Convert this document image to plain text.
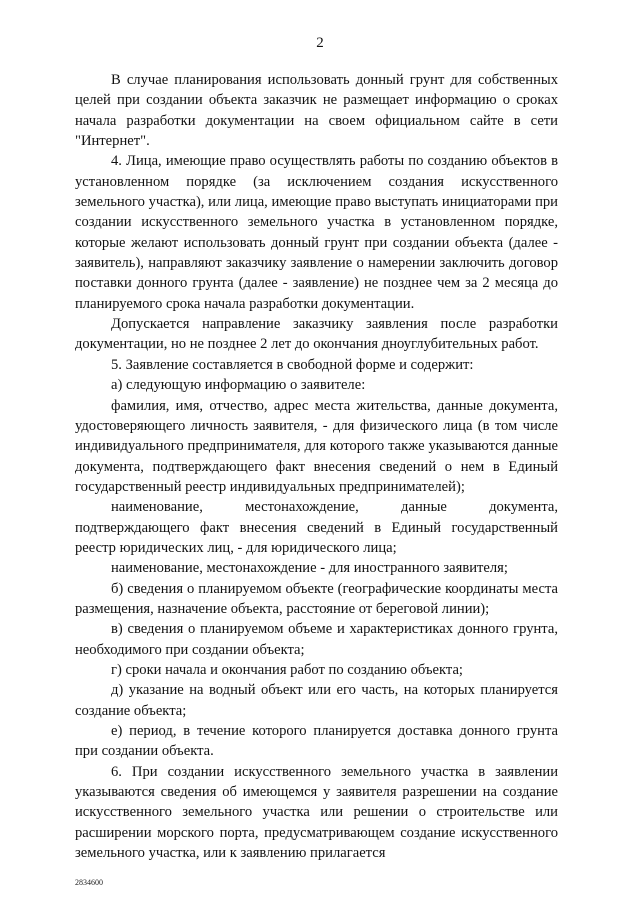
2

В случае планирования использовать донный грунт для собственных целей при создании объекта заказчик не размещает информацию о сроках начала разработки документации на своем официальном сайте в сети "Интернет".

4. Лица, имеющие право осуществлять работы по созданию объектов в установленном порядке (за исключением создания искусственного земельного участка), или лица, имеющие право выступать инициаторами при создании искусственного земельного участка в установленном порядке, которые желают использовать донный грунт при создании объекта (далее - заявитель), направляют заказчику заявление о намерении заключить договор поставки донного грунта (далее - заявление) не позднее чем за 2 месяца до планируемого срока начала разработки документации.

Допускается направление заказчику заявления после разработки документации, но не позднее 2 лет до окончания дноуглубительных работ.

5. Заявление составляется в свободной форме и содержит:

а) следующую информацию о заявителе:

фамилия, имя, отчество, адрес места жительства, данные документа, удостоверяющего личность заявителя, - для физического лица (в том числе индивидуального предпринимателя, для которого также указываются данные документа, подтверждающего факт внесения сведений о нем в Единый государственный реестр индивидуальных предпринимателей);

наименование, местонахождение, данные документа, подтверждающего факт внесения сведений в Единый государственный реестр юридических лиц, - для юридического лица;

наименование, местонахождение - для иностранного заявителя;

б) сведения о планируемом объекте (географические координаты места размещения, назначение объекта, расстояние от береговой линии);

в) сведения о планируемом объеме и характеристиках донного грунта, необходимого при создании объекта;

г) сроки начала и окончания работ по созданию объекта;

д) указание на водный объект или его часть, на которых планируется создание объекта;

е) период, в течение которого планируется доставка донного грунта при создании объекта.

6. При создании искусственного земельного участка в заявлении указываются сведения об имеющемся у заявителя разрешении на создание искусственного земельного участка или решении о строительстве или расширении морского порта, предусматривающем создание искусственного земельного участка, или к заявлению прилагается

2834600
